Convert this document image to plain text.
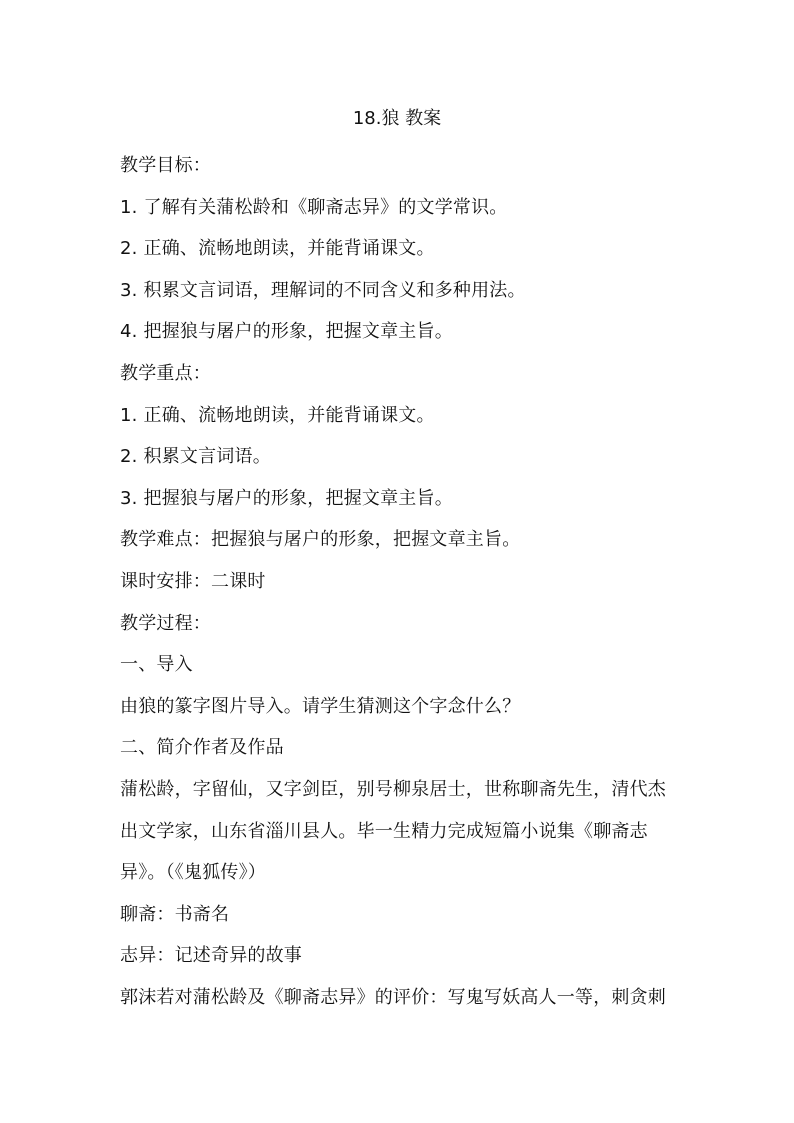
18.狼 教案
教学目标：
1. 了解有关蒲松龄和《聊斋志异》的文学常识。
2. 正确、流畅地朗读，并能背诵课文。
3. 积累文言词语，理解词的不同含义和多种用法。
4. 把握狼与屠户的形象，把握文章主旨。
教学重点：
1. 正确、流畅地朗读，并能背诵课文。
2. 积累文言词语。
3. 把握狼与屠户的形象，把握文章主旨。
教学难点：把握狼与屠户的形象，把握文章主旨。
课时安排：二课时
教学过程：
一、导入
由狼的篆字图片导入。请学生猜测这个字念什么？
二、简介作者及作品
蒲松龄，字留仙，又字剑臣，别号柳泉居士，世称聊斋先生，清代杰
出文学家，山东省淄川县人。毕一生精力完成短篇小说集《聊斋志
异》。（《鬼狐传》）
聊斋：书斋名
志异：记述奇异的故事
郭沫若对蒲松龄及《聊斋志异》的评价：写鬼写妖高人一等，刺贪刺
